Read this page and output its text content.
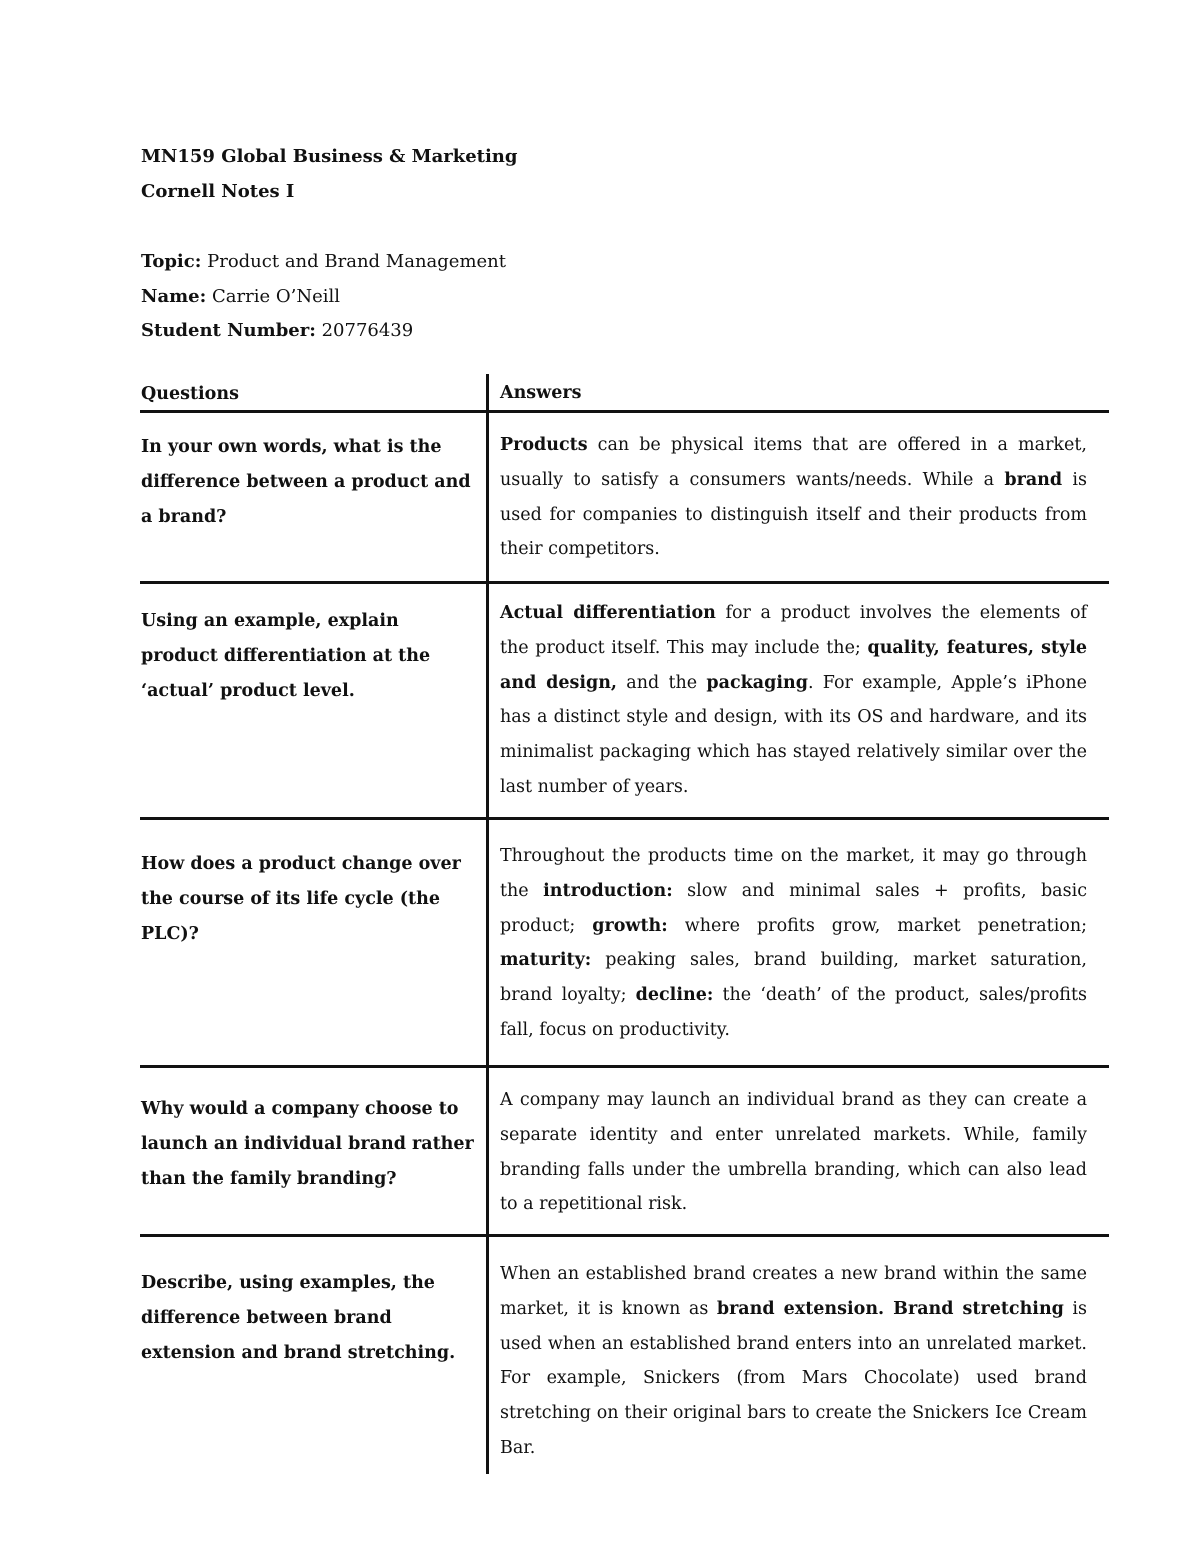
MN159 Global Business & Marketing
Cornell Notes I
Topic: Product and Brand Management
Name: Carrie O’Neill
Student Number: 20776439
Questions	Answers
In your own words, what is the difference between a product and a brand?
Products can be physical items that are offered in a market, usually to satisfy a consumers wants/needs. While a brand is used for companies to distinguish itself and their products from their competitors.
Using an example, explain product differentiation at the ‘actual’ product level.
Actual differentiation for a product involves the elements of the product itself. This may include the; quality, features, style and design, and the packaging. For example, Apple’s iPhone has a distinct style and design, with its OS and hardware, and its minimalist packaging which has stayed relatively similar over the last number of years.
How does a product change over the course of its life cycle (the PLC)?
Throughout the products time on the market, it may go through the introduction: slow and minimal sales + profits, basic product; growth: where profits grow, market penetration; maturity: peaking sales, brand building, market saturation, brand loyalty; decline: the ‘death’ of the product, sales/profits fall, focus on productivity.
Why would a company choose to launch an individual brand rather than the family branding?
A company may launch an individual brand as they can create a separate identity and enter unrelated markets. While, family branding falls under the umbrella branding, which can also lead to a repetitional risk.
Describe, using examples, the difference between brand extension and brand stretching.
When an established brand creates a new brand within the same market, it is known as brand extension. Brand stretching is used when an established brand enters into an unrelated market. For example, Snickers (from Mars Chocolate) used brand stretching on their original bars to create the Snickers Ice Cream Bar.
